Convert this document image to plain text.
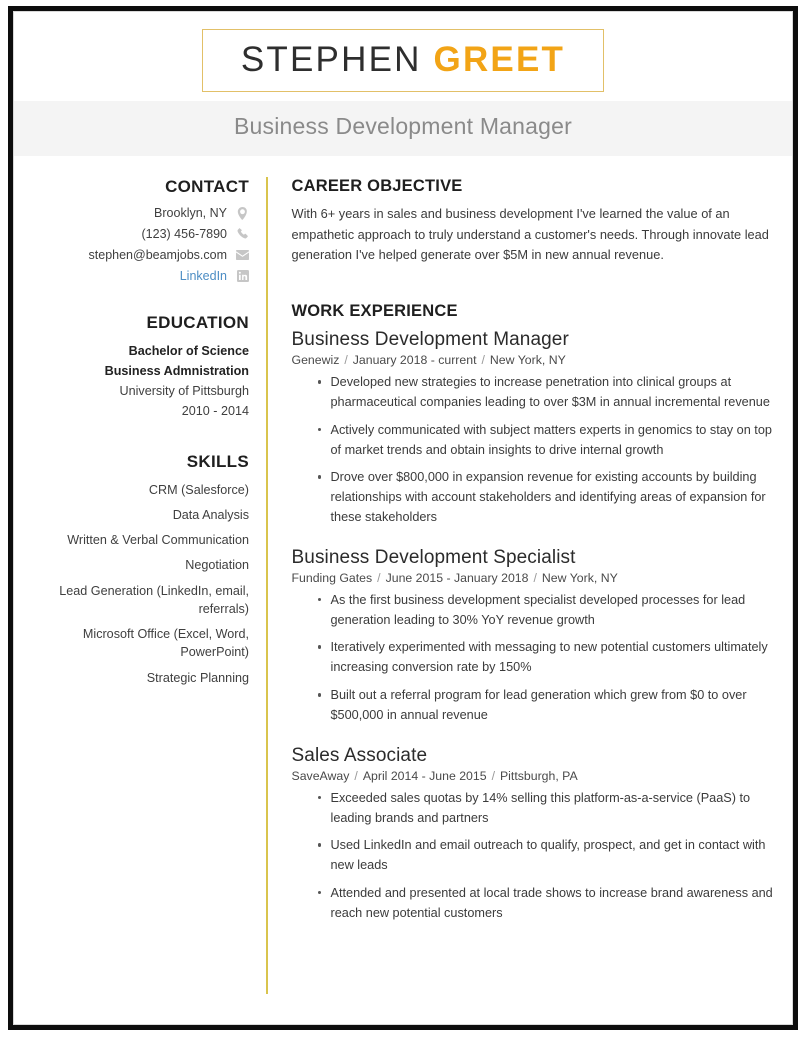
STEPHEN GREET
Business Development Manager
CONTACT
Brooklyn, NY
(123) 456-7890
stephen@beamjobs.com
LinkedIn
EDUCATION
Bachelor of Science
Business Admnistration
University of Pittsburgh
2010 - 2014
SKILLS
CRM (Salesforce)
Data Analysis
Written & Verbal Communication
Negotiation
Lead Generation (LinkedIn, email, referrals)
Microsoft Office (Excel, Word, PowerPoint)
Strategic Planning
CAREER OBJECTIVE

With 6+ years in sales and business development I've learned the value of an empathetic approach to truly understand a customer's needs. Through innovate lead generation I've helped generate over $5M in new annual revenue.

WORK EXPERIENCE
Business Development Manager
Genewiz / January 2018 - current / New York, NY
Developed new strategies to increase penetration into clinical groups at pharmaceutical companies leading to over $3M in annual incremental revenue
Actively communicated with subject matters experts in genomics to stay on top of market trends and obtain insights to drive internal growth
Drove over $800,000 in expansion revenue for existing accounts by building relationships with account stakeholders and identifying areas of expansion for these stakeholders
Business Development Specialist
Funding Gates / June 2015 - January 2018 / New York, NY
As the first business development specialist developed processes for lead generation leading to 30% YoY revenue growth
Iteratively experimented with messaging to new potential customers ultimately increasing conversion rate by 150%
Built out a referral program for lead generation which grew from $0 to over $500,000 in annual revenue
Sales Associate
SaveAway / April 2014 - June 2015 / Pittsburgh, PA
Exceeded sales quotas by 14% selling this platform-as-a-service (PaaS) to leading brands and partners
Used LinkedIn and email outreach to qualify, prospect, and get in contact with new leads
Attended and presented at local trade shows to increase brand awareness and reach new potential customers
